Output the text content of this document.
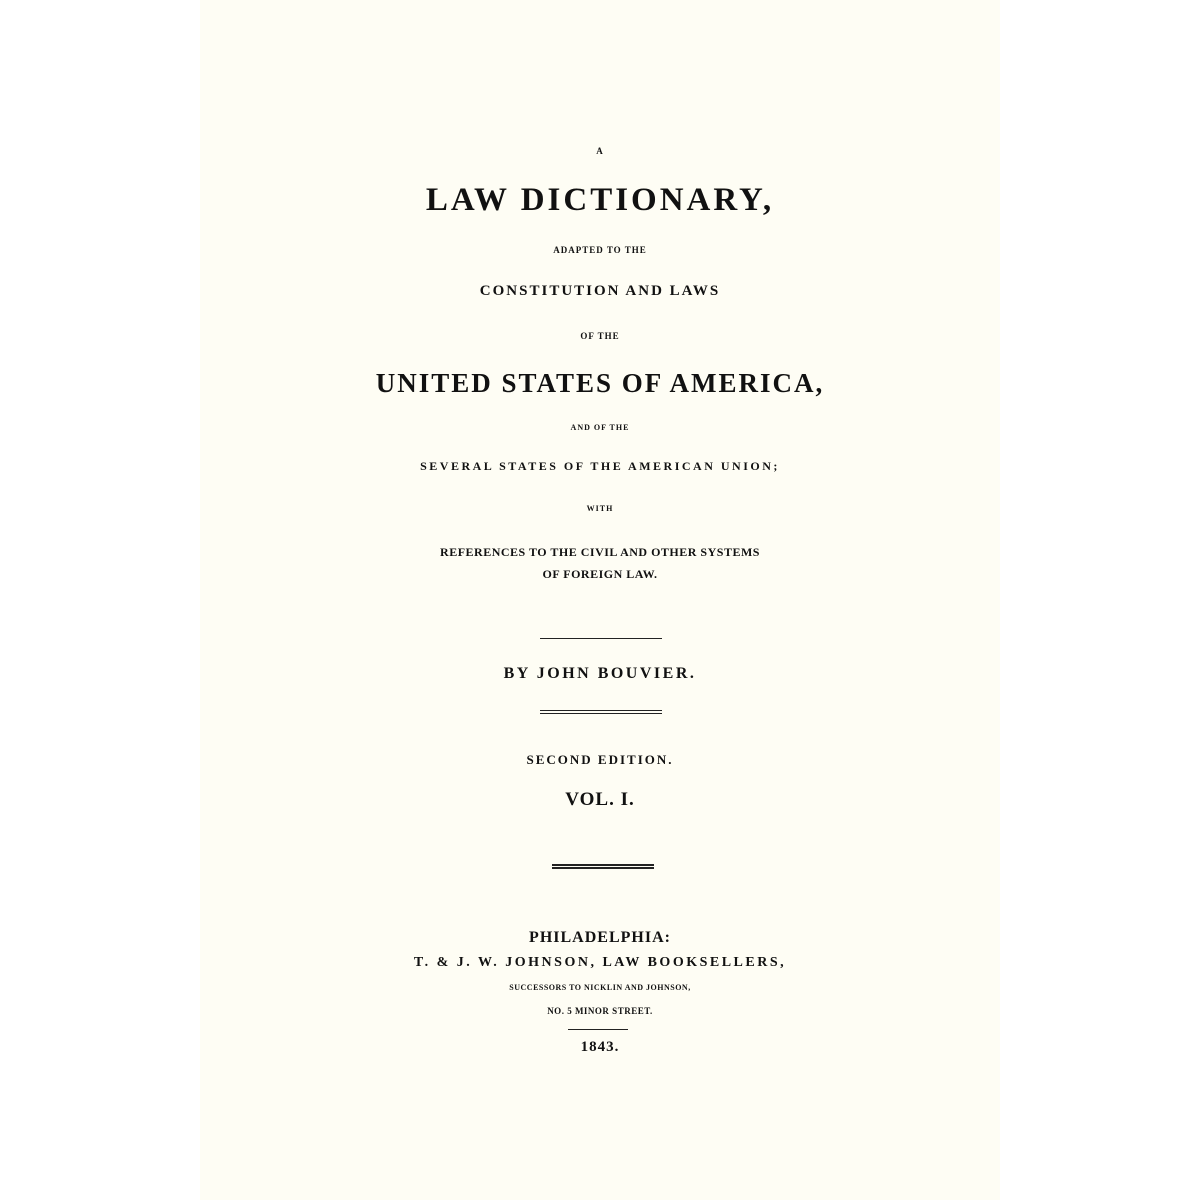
A
LAW DICTIONARY,
ADAPTED TO THE
CONSTITUTION AND LAWS
OF THE
UNITED STATES OF AMERICA,
AND OF THE
SEVERAL STATES OF THE AMERICAN UNION;
WITH
REFERENCES TO THE CIVIL AND OTHER SYSTEMS
OF FOREIGN LAW.
BY JOHN BOUVIER.
SECOND EDITION.
VOL. I.
PHILADELPHIA:
T. & J. W. JOHNSON, LAW BOOKSELLERS,
SUCCESSORS TO NICKLIN AND JOHNSON,
NO. 5 MINOR STREET.
1843.
